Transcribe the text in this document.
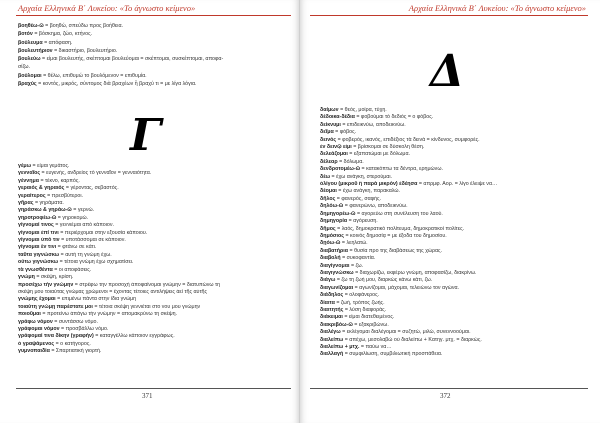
Αρχαία Ελληνικά Β΄ Λυκείου: «Το άγνωστο κείμενο»
βοηθέω-ῶ = βοηθώ, σπεύδω προς βοήθεια.
βοτόν = βόσκημα, ζώο, κτήνος.
βούλευμα = απόφαση.
βουλευτήριον = δικαστήριο, βουλευτήριο.
βουλεύω = είμαι βουλευτής, σκέπτομαι βουλεύομαι = σκέπτομαι, συσκέπτομαι, αποφα-
σίζω.
βούλομαι = θέλω, επιθυμώ το βουλόμενον = επιθυμία.
βραχύς = κοντός, μικρός, σύντομος διὰ βραχέων ἢ βραχύ τι = με λίγα λόγια.
Γ
γέμω = είμαι γεμάτος.
γενναῖος = ευγενής, ανδρείος τὸ γενναῖον = γενναιότητα.
γέννημα = τέκνο, καρπός.
γεραιός & γηραιός = γέροντας, σεβαστός.
γεραίτερος = πρεσβύτεροι.
γῆρας = γηράματα.
γηράσκω & γηράω-ῶ = γερνώ.
γηροτροφέω-ῶ = γηροκομώ.
γίγνομαί τινος = γεννιέμαι από κάποιον.
γίγνομαι ἐπί τινι = περιέρχομαι στην εξουσία κάποιου.
γίγνομαι ὑπό τιν = υποτάσσομαι σε κάποιον.
γίγνομαι ἔν τινι = φτάνω σε κάτι.
ταῦτα γιγνώσκω = αυτή τη γνώμη έχω.
οὕτω γιγνώσκω = τέτοια γνώμη έχω σχηματίσει.
τὰ γνωσθέντα = οι αποφάσεις.
γνώμη = σκέψη, κρίση.
προσέχω τὴν γνώμην = στρέφω την προσοχή ἀποφαίνομαι γνώμην = διατυπώνω τη
σκέψη μου τοιαύτας γνώμας χρώμενοι = έχοντας τέτοιες αντιλήψεις ἀεὶ τῆς αὐτῆς
γνώμης ἔχομαι = επιμένω πάντα στην ίδια γνώμη
τοιαύτη γνώμῃ παρέστατε μοι = τέτοια σκέψη γεννιέται στο νου μου γνώμην
ποιοῦμαι = προτείνω ἀπάγω τὴν γνώμην = απομακρύνω τη σκέψη.
γράφω νόμον = συντάσσω νόμο.
γράφομαι νόμον = προσβάλλω νόμο.
γράφομαί τινα δίκην (γραφήν) = καταγγέλλω κάποιον εγγράφως.
ὁ γραψάμενος = ο κατήγορος.
γυμνοπαιδία = Σπαρτιατική γιορτή.
371
Αρχαία Ελληνικά Β΄ Λυκείου: «Το άγνωστο κείμενο»
Δ
δαίμων = θεός, μοίρα, τύχη.
δέδοικα-δέδια = φοβούμαι τὸ δεδιός = ο φόβος.
δείκνυμι = επιδεικνύω, αποδεικνύω.
δεῖμα = φόβος.
δεινός = φοβερός, ικανός, επιδέξιος τὰ δεινά = κίνδυνος, συμφορές.
ἐν δεινῷ εἰμι = βρίσκομαι σε δύσκολη θέση.
δελεάζομαι = εξαπατώμαι με δόλωμα.
δέλεαρ = δόλωμα.
δενδροτομέω-ῶ = κατακόπτω τα δέντρα, ερημώνω.
δέω = έχω ανάγκη, στερούμαι.
ὀλίγου (μικροῦ ἢ παρὰ μικρὸν) ἐδέησα = απρμφ. Αορ. = λίγο έλειψε να…
δέομαι = έχω ανάγκη, παρακαλώ.
δῆλος = φανερός, σαφής.
δηλόω-ῶ = φανερώνω, αποδεικνύω.
δημηγορέω-ῶ = αγορεύω στη συνέλευση του λαού.
δημηγορία = αγόρευση.
δῆμος = λαός, δημοκρατικό πολίτευμα, δημοκρατικοί πολίτες.
δημόσιος = κοινός δημοσίᾳ = με έξοδα του δημοσίου.
δῃόω-ῶ = λεηλατώ.
διαβατήρια = θυσία προ της διαβάσεως της χώρας.
διαβολή = συκοφαντία.
διαγίγνομαι = ζω.
διαγιγνώσκω = διαχωρίζω, εκφέρω γνώμη, αποφασίζω, διακρίνω.
διάγω = ζω τη ζωή μου, διαρκώς κάνω κάτι, ζω.
διαγωνίζομαι = αγωνίζομαι, μάχομαι, τελειώνω τον αγώνα.
διάδηλος = ολοφάνερος.
δίαιτα = ζωή, τρόπος ζωής.
διαιτητής = λύση διαφοράς.
διάκειμαι = είμαι διατεθειμένος.
διακριβόω-ῶ = εξακριβώνω.
διαλέγω = εκλέγομαι διαλέγομαι = συζητώ, μιλώ, συνεννοούμαι.
διαλείπω = απέχω, μεσολαβώ οὐ διαλείπω + Κατηγ. μτχ. = διαρκώς.
διαλείπω + μτχ. = παύω να…
διαλλαγή = συμφιλίωση, συμβιλιωτική προσπάθεια.
372
